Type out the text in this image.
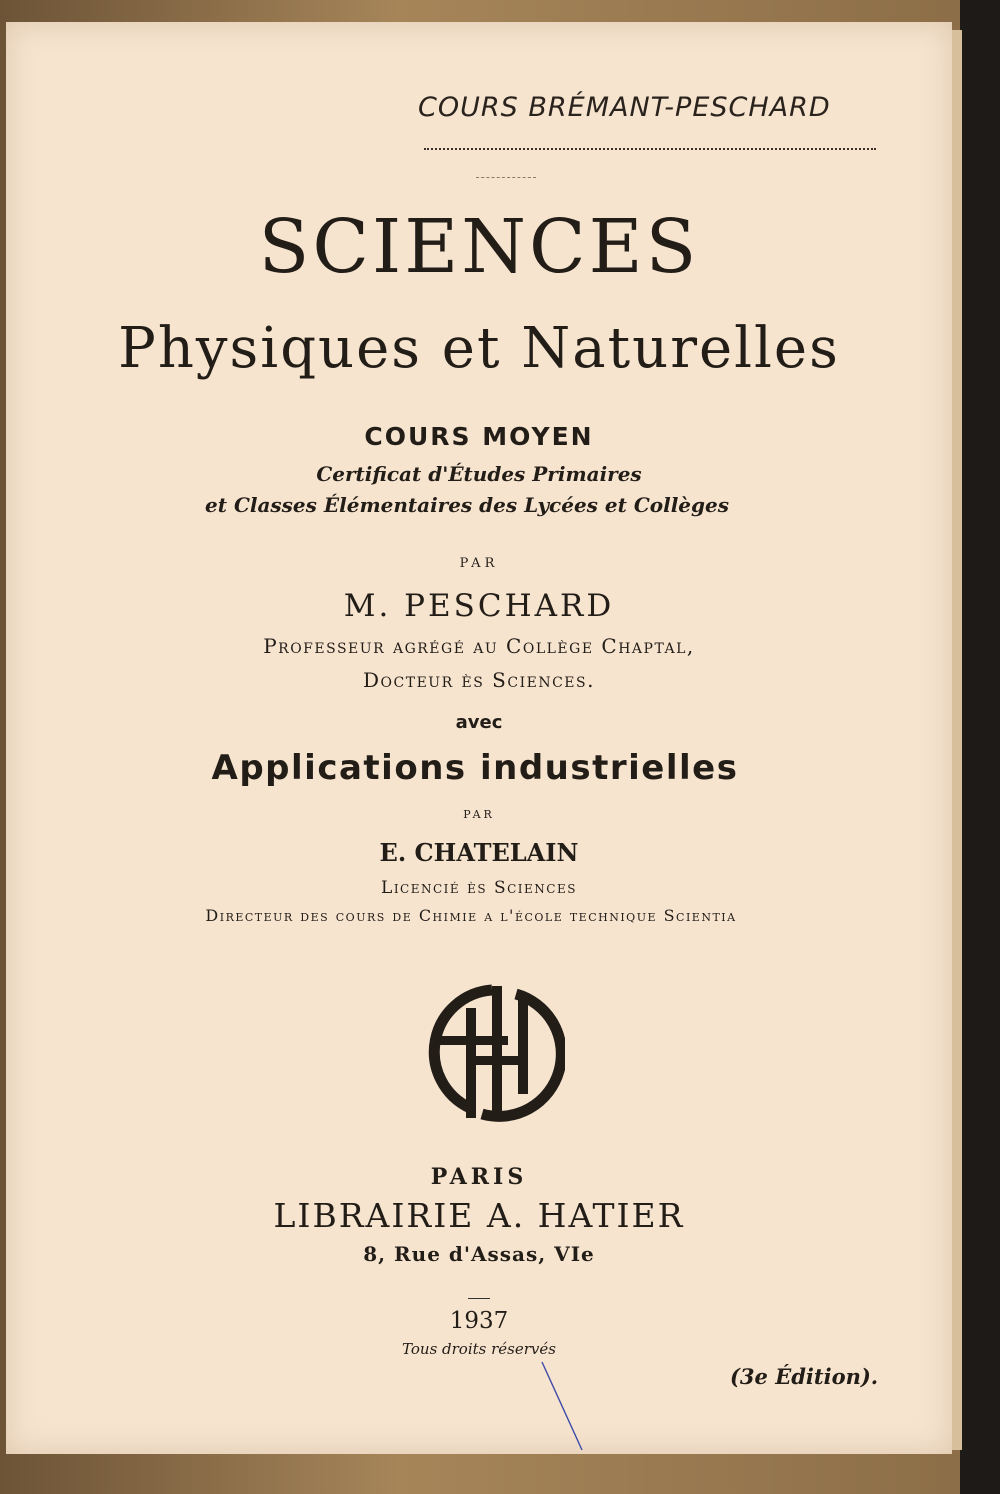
COURS BRÉMANT-PESCHARD
SCIENCES
Physiques et Naturelles
COURS MOYEN
Certificat d'Études Primaires
et Classes Élémentaires des Lycées et Collèges
PAR
M. PESCHARD
Professeur agrégé au Collège Chaptal,
Docteur ès Sciences.
avec
Applications industrielles
PAR
E. CHATELAIN
Licencié ès Sciences
Directeur des cours de Chimie a l'école technique Scientia
PARIS
LIBRAIRIE A. HATIER
8, Rue d'Assas, VIe
1937
Tous droits réservés
(3e Édition).
